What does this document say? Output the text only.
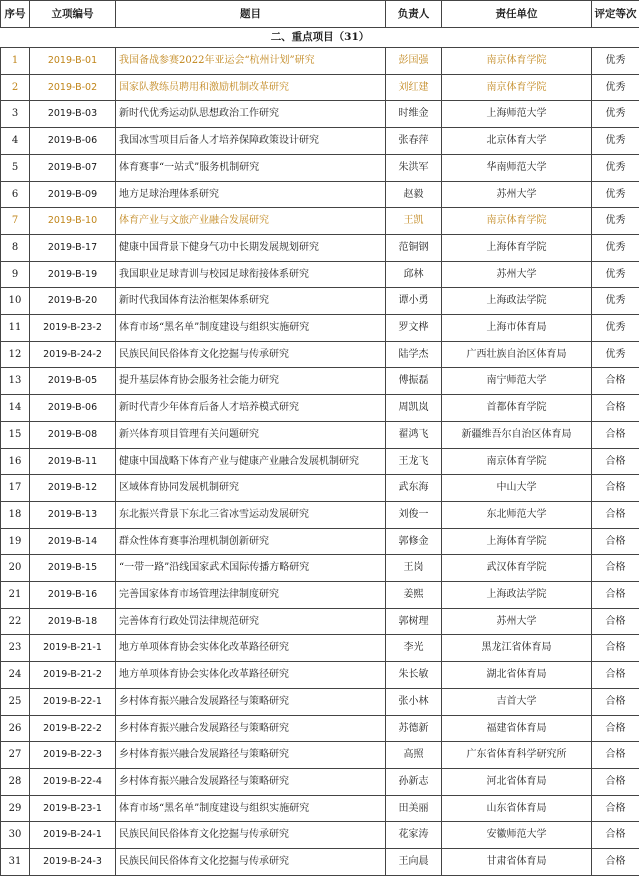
二、重点项目（31）					
序号	立项编号	题目	负责人	责任单位	评定等次
1	2019-B-01	我国备战参赛2022年亚运会“杭州计划”研究	彭国强	南京体育学院	优秀
2	2019-B-02	国家队教练员聘用和激励机制改革研究	刘红建	南京体育学院	优秀
3	2019-B-03	新时代优秀运动队思想政治工作研究	时维金	上海师范大学	优秀
4	2019-B-06	我国冰雪项目后备人才培养保障政策设计研究	张春萍	北京体育大学	优秀
5	2019-B-07	体育赛事“一站式”服务机制研究	朱洪军	华南师范大学	优秀
6	2019-B-09	地方足球治理体系研究	赵毅	苏州大学	优秀
7	2019-B-10	体育产业与文旅产业融合发展研究	王凯	南京体育学院	优秀
8	2019-B-17	健康中国背景下健身气功中长期发展规划研究	范铜钢	上海体育学院	优秀
9	2019-B-19	我国职业足球青训与校园足球衔接体系研究	邱林	苏州大学	优秀
10	2019-B-20	新时代我国体育法治框架体系研究	谭小勇	上海政法学院	优秀
11	2019-B-23-2	体育市场“黑名单”制度建设与组织实施研究	罗文桦	上海市体育局	优秀
12	2019-B-24-2	民族民间民俗体育文化挖掘与传承研究	陆学杰	广西壮族自治区体育局	优秀
13	2019-B-05	提升基层体育协会服务社会能力研究	傅振磊	南宁师范大学	合格
14	2019-B-06	新时代青少年体育后备人才培养模式研究	周凯岚	首都体育学院	合格
15	2019-B-08	新兴体育项目管理有关问题研究	翟鸿飞	新疆维吾尔自治区体育局	合格
16	2019-B-11	健康中国战略下体育产业与健康产业融合发展机制研究	王龙飞	南京体育学院	合格
17	2019-B-12	区域体育协同发展机制研究	武东海	中山大学	合格
18	2019-B-13	东北振兴背景下东北三省冰雪运动发展研究	刘俊一	东北师范大学	合格
19	2019-B-14	群众性体育赛事治理机制创新研究	郭修金	上海体育学院	合格
20	2019-B-15	“一带一路”沿线国家武术国际传播方略研究	王岗	武汉体育学院	合格
21	2019-B-16	完善国家体育市场管理法律制度研究	姜熙	上海政法学院	合格
22	2019-B-18	完善体育行政处罚法律规范研究	郭树理	苏州大学	合格
23	2019-B-21-1	地方单项体育协会实体化改革路径研究	李光	黑龙江省体育局	合格
24	2019-B-21-2	地方单项体育协会实体化改革路径研究	朱长敏	湖北省体育局	合格
25	2019-B-22-1	乡村体育振兴融合发展路径与策略研究	张小林	吉首大学	合格
26	2019-B-22-2	乡村体育振兴融合发展路径与策略研究	苏德新	福建省体育局	合格
27	2019-B-22-3	乡村体育振兴融合发展路径与策略研究	高照	广东省体育科学研究所	合格
28	2019-B-22-4	乡村体育振兴融合发展路径与策略研究	孙新志	河北省体育局	合格
29	2019-B-23-1	体育市场“黑名单”制度建设与组织实施研究	田美丽	山东省体育局	合格
30	2019-B-24-1	民族民间民俗体育文化挖掘与传承研究	花家涛	安徽师范大学	合格
31	2019-B-24-3	民族民间民俗体育文化挖掘与传承研究	王向晨	甘肃省体育局	合格
